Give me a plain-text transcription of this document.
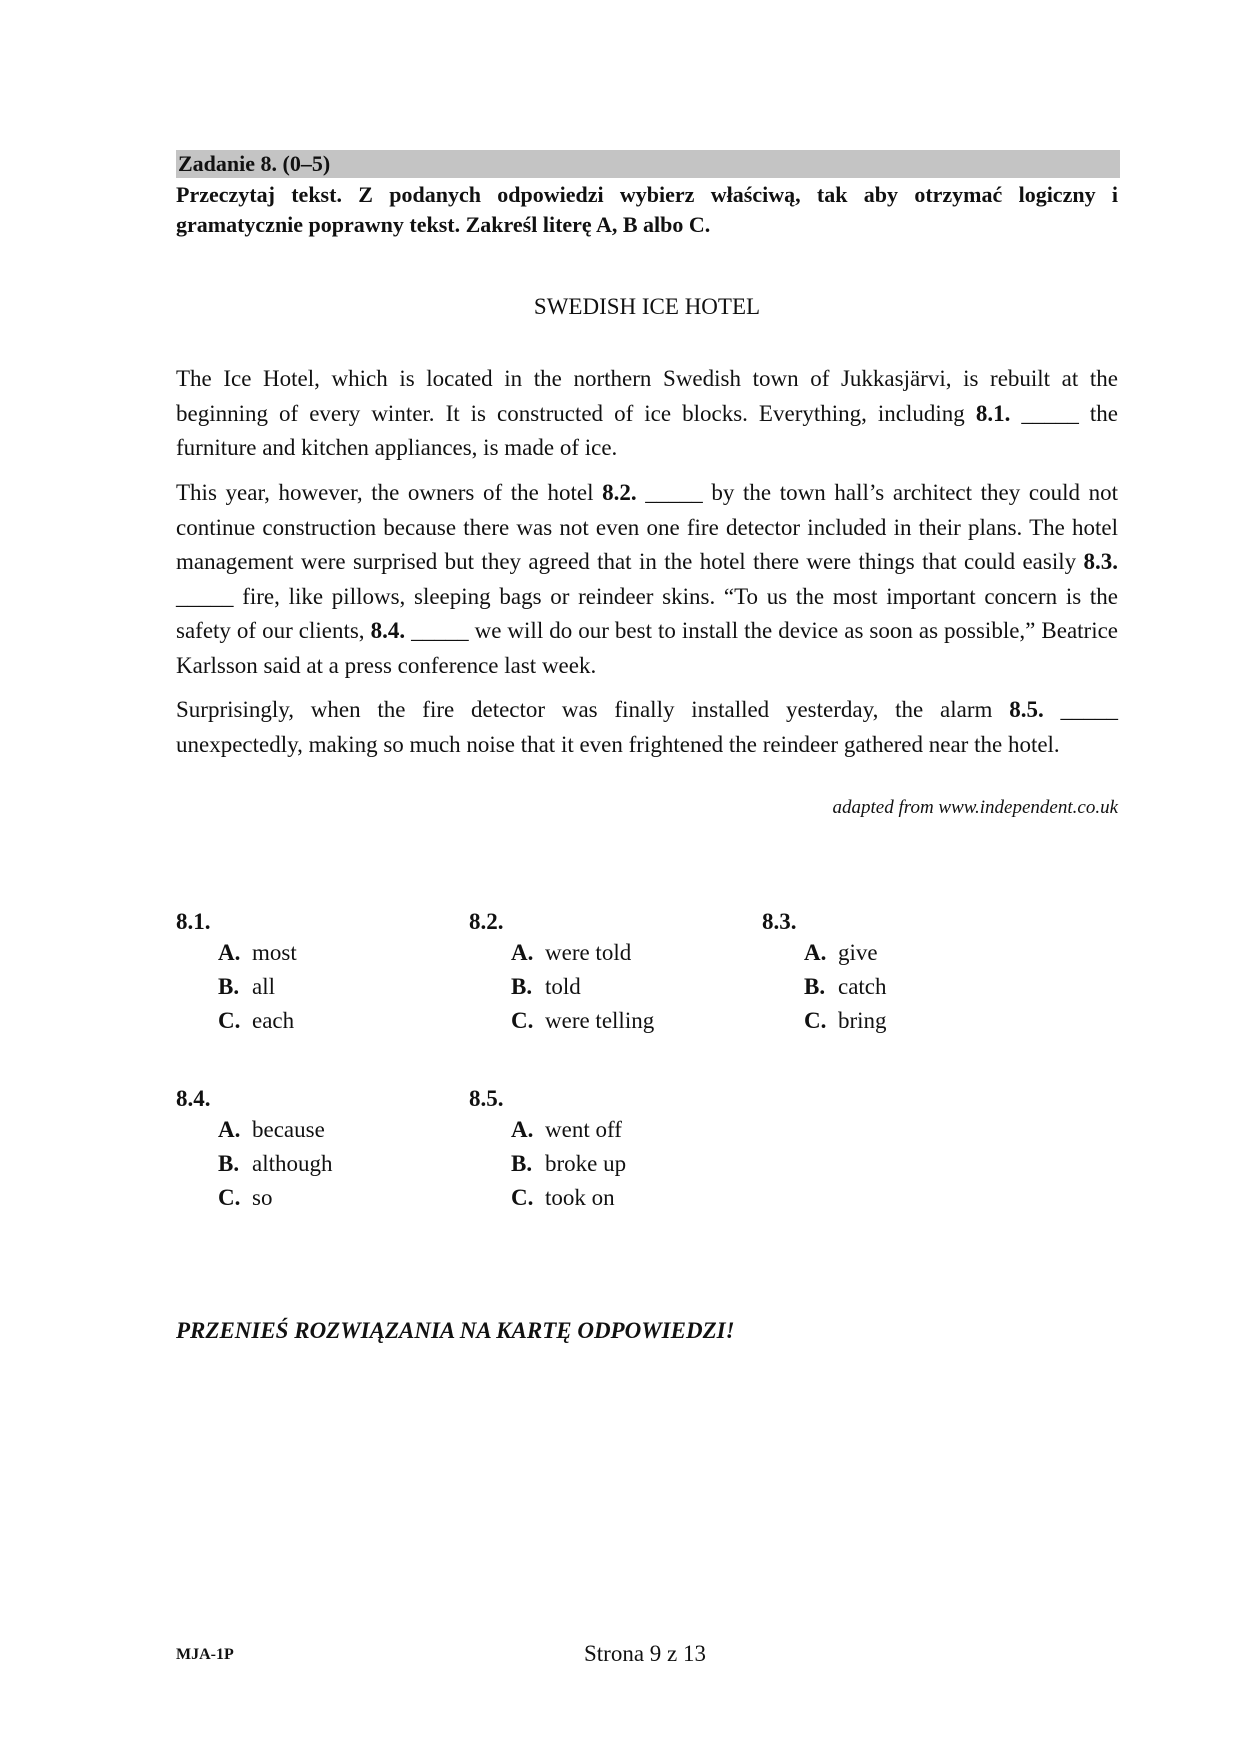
Zadanie 8. (0–5)
Przeczytaj tekst. Z podanych odpowiedzi wybierz właściwą, tak aby otrzymać logiczny i gramatycznie poprawny tekst. Zakreśl literę A, B albo C.
SWEDISH ICE HOTEL

The Ice Hotel, which is located in the northern Swedish town of Jukkasjärvi, is rebuilt at the beginning of every winter. It is constructed of ice blocks. Everything, including 8.1. _____ the furniture and kitchen appliances, is made of ice.

This year, however, the owners of the hotel 8.2. _____ by the town hall’s architect they could not continue construction because there was not even one fire detector included in their plans. The hotel management were surprised but they agreed that in the hotel there were things that could easily 8.3. _____ fire, like pillows, sleeping bags or reindeer skins. “To us the most important concern is the safety of our clients, 8.4. _____ we will do our best to install the device as soon as possible,” Beatrice Karlsson said at a press conference last week.

Surprisingly, when the fire detector was finally installed yesterday, the alarm 8.5. _____ unexpectedly, making so much noise that it even frightened the reindeer gathered near the hotel.

adapted from www.independent.co.uk
8.1.
A. most
B. all
C. each
8.2.
A. were told
B. told
C. were telling
8.3.
A. give
B. catch
C. bring
8.4.
A. because
B. although
C. so
8.5.
A. went off
B. broke up
C. took on
PRZENIEŚ ROZWIĄZANIA NA KARTĘ ODPOWIEDZI!
MJA-1P	Strona 9 z 13
